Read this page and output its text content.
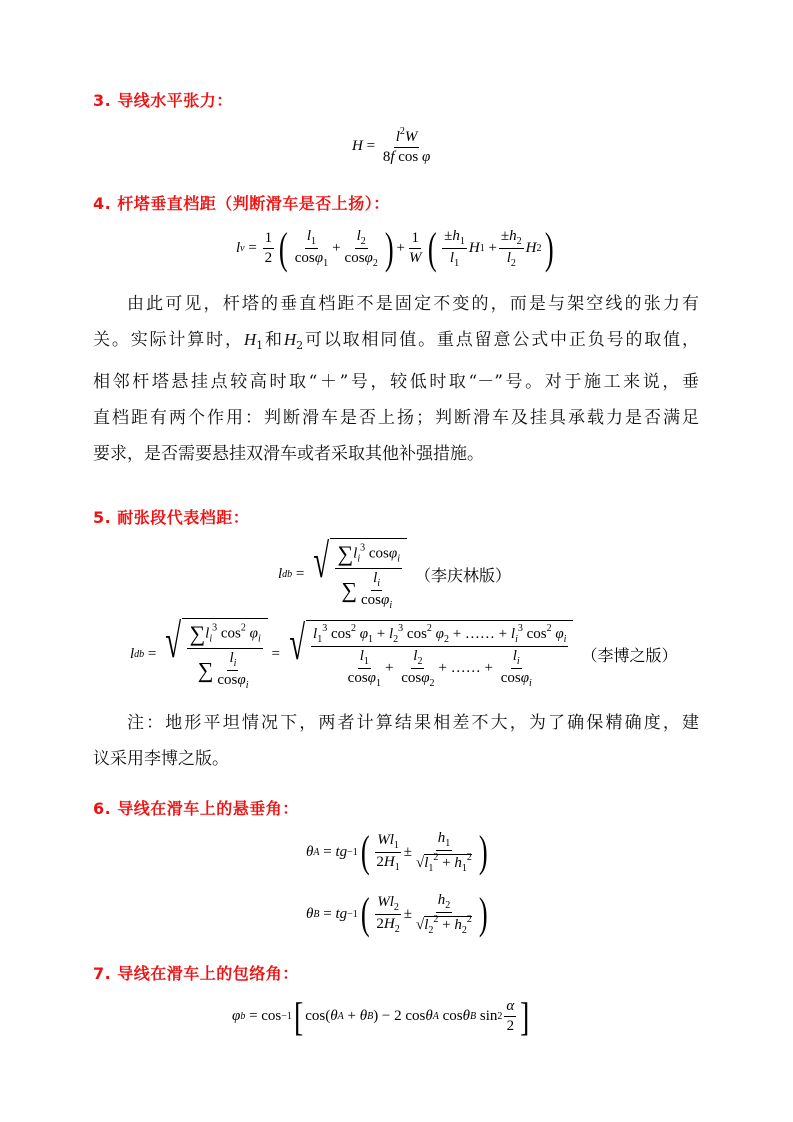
3. 导线水平张力：
$H = \frac{l^2W}{\text{8f cos φ}}$
4. 杆塔垂直档距（判断滑车是否上扬）：
l $v = \frac{1}{2}$ ( $\frac{l_1}{\cos\varphi_1} + \frac{l_2}{\cos\varphi_2}$ ) + $\frac{1}{W}$ ( $\frac{\pm h_1}{l_1}$ H $1 + \frac{\pm h_2}{l_2}$ H 2 )
由此可见，杆塔的垂直档距不是固定不变的，而是与架空线的张力有
关。实际计算时，$H_1$和$H_2$可以取相同值。重点留意公式中正负号的取值，
相邻杆塔悬挂点较高时取“＋”号，较低时取“－”号。对于施工来说，垂
直档距有两个作用：判断滑车是否上扬；判断滑车及挂具承载力是否满足
要求，是否需要悬挂双滑车或者采取其他补强措施。
5. 耐张段代表档距：
l db = √ $\frac{\sum l_i^3 \cos\varphi_i}{\sum \frac{l_i}{\cos\varphi_i}}$ （李庆林版）
l db = √ $\frac{\sum l_i^3 \cos^2 \varphi_i}{\sum \frac{l_i}{\cos\varphi_i}}$ = √ $\frac{l_1^3 \cos^2 \varphi_1 + l_2^3 \cos^2 \varphi_2 + \dots\dots + l_i^3 \cos^2 \varphi_i}{\frac{l_1}{\cos\varphi_1} + \frac{l_2}{\cos\varphi_2} + \dots\dots + \frac{l_i}{\cos\varphi_i}}$ （李博之版）
注：地形平坦情况下，两者计算结果相差不大，为了确保精确度，建
议采用李博之版。
6. 导线在滑车上的悬垂角：
θ A = tg −1 ( $\frac{Wl_1}{2H_1} \pm \frac{h_1}{√l_1^2 + h_1^2}$ )
θ B = tg −1 ( $\frac{Wl_2}{2H_2} \pm \frac{h_2}{√l_2^2 + h_2^2}$ )
7. 导线在滑车上的包络角：
φ b = cos −1 [ cos( θ A + θ B ) − 2 cos θ A cos θ B $\sin 2 \frac{\alpha}{2}$ ]
